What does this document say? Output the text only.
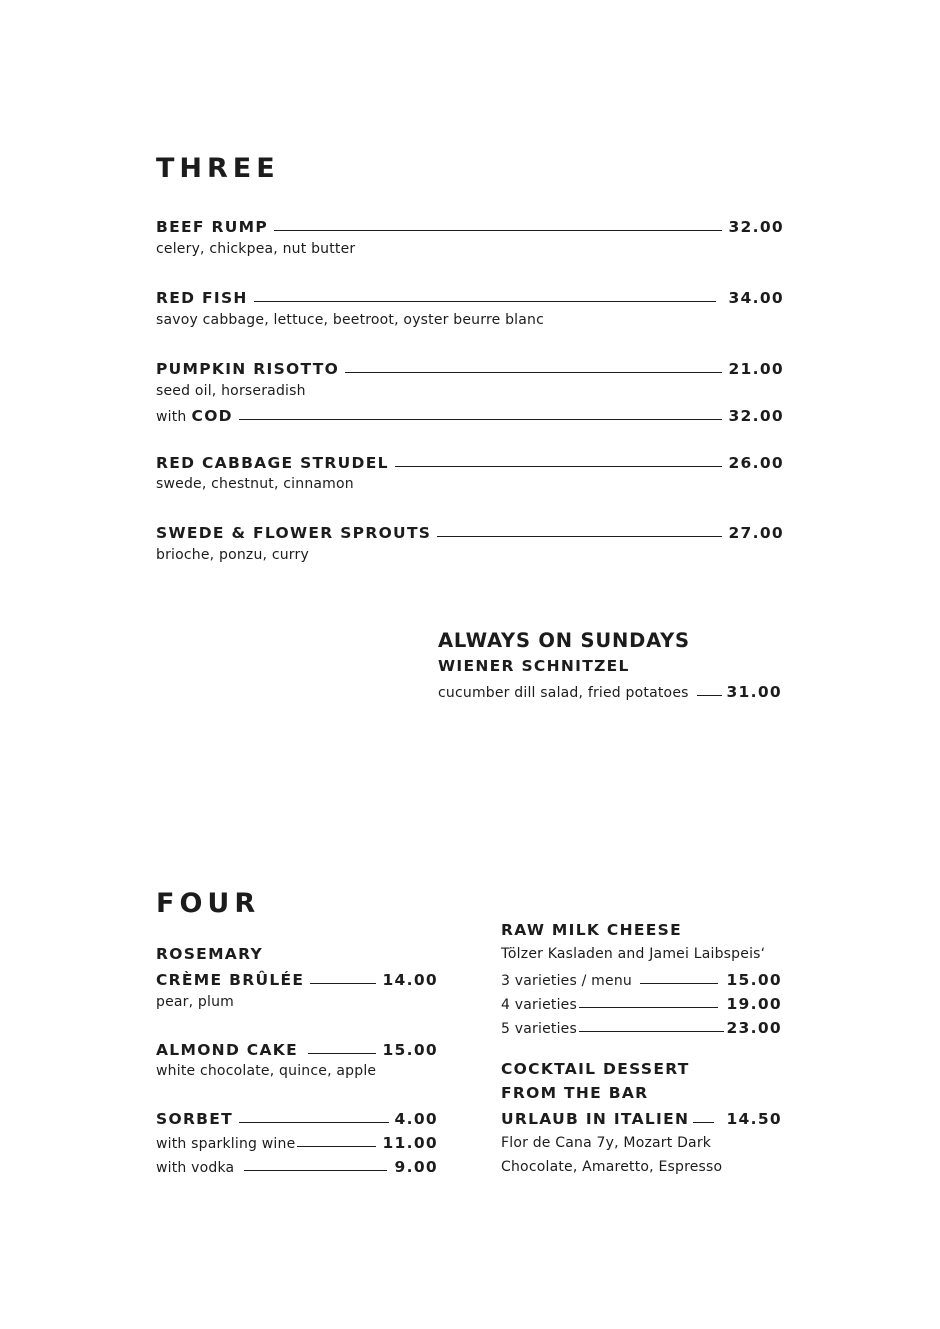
THREE
BEEF RUMP	32.00
celery, chickpea, nut butter
RED FISH	34.00
savoy cabbage, lettuce, beetroot, oyster beurre blanc
PUMPKIN RISOTTO	21.00
seed oil, horseradish
with COD	32.00
RED CABBAGE STRUDEL	26.00
swede, chestnut, cinnamon
SWEDE & FLOWER SPROUTS	27.00
brioche, ponzu, curry
ALWAYS ON SUNDAYS
WIENER SCHNITZEL
cucumber dill salad, fried potatoes 31.00
FOUR
ROSEMARY
CRÈME BRÛLÉE	14.00
pear, plum
ALMOND CAKE	15.00
white chocolate, quince, apple
SORBET	4.00
with sparkling wine	11.00
with vodka	9.00
RAW MILK CHEESE
Tölzer Kasladen and Jamei Laibspeis‘
3 varieties / menu	15.00
4 varieties	19.00
5 varieties	23.00
COCKTAIL DESSERT
FROM THE BAR
URLAUB IN ITALIEN 14.50
Flor de Cana 7y, Mozart Dark
Chocolate, Amaretto, Espresso
